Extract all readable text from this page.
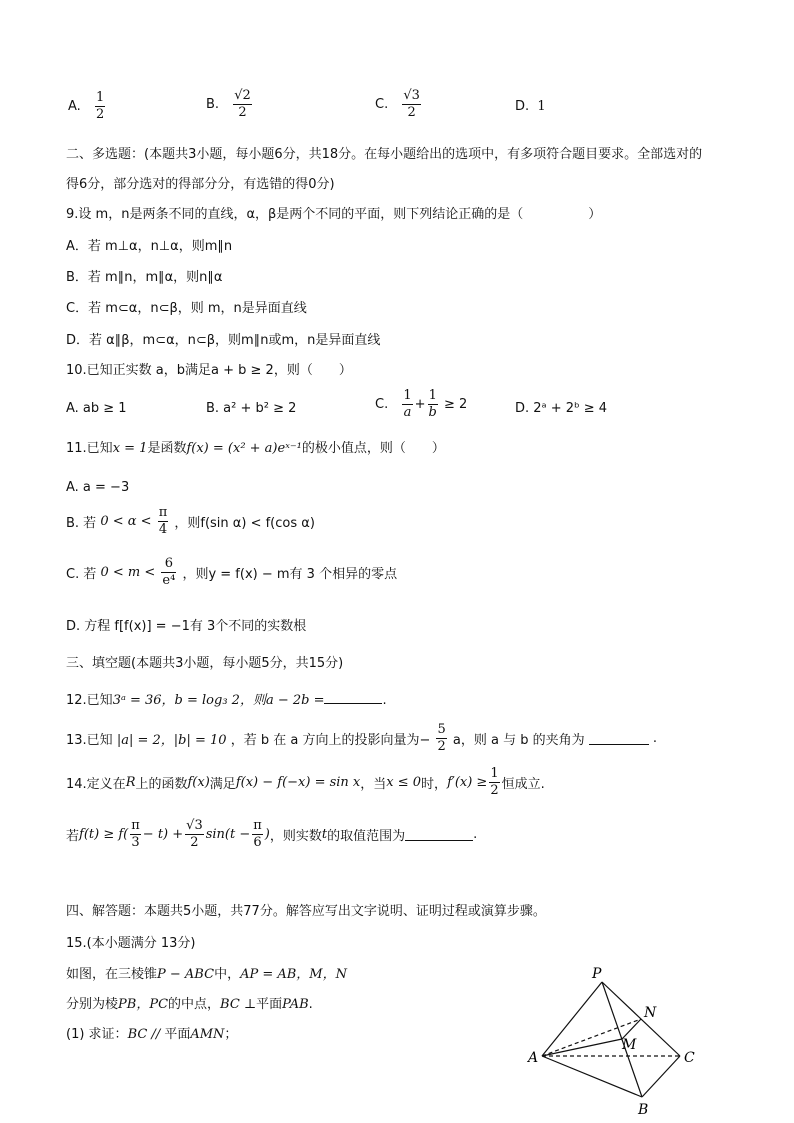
A. $\frac{1}{2}$	B. $\frac{√2}{2}$	C. $\frac{√3}{2}$	D. 1
二、多选题：(本题共3小题，每小题6分，共18分。在每小题给出的选项中，有多项符合题目要求。全部选对的
得6分，部分选对的得部分分，有选错的得0分)
9.设 m，n是两条不同的直线，α，β是两个不同的平面，则下列结论正确的是（　　　　　）
A．若 m⊥α，n⊥α，则m∥n
B．若 m∥n，m∥α，则n∥α
C．若 m⊂α，n⊂β，则 m，n是异面直线
D．若 α∥β，m⊂α，n⊂β，则m∥n或m，n是异面直线
10.已知正实数 a，b满足a + b ≥ 2，则（　　）
A. ab ≥ 1	B. a² + b² ≥ 2	C. $\frac{1}{a} + \frac{1}{b} \ge 2$	D. 2ᵃ + 2ᵇ ≥ 4
11.已知x = 1是函数f(x) = (x² + a)eˣ⁻¹的极小值点，则（　　）
A. a = −3
B. 若 $0 < \alpha < \frac{\pi}{4}$ ，则f(sin α) < f(cos α)
C. 若 $0 < m < \frac{6}{\text{e⁴}}$ ，则y = f(x) − m有 3 个相异的零点
D. 方程 f[f(x)] = −1有 3个不同的实数根
三、填空题(本题共3小题，每小题5分，共15分)
12.已知3ᵃ = 36，b = log₃ 2，则a − 2b =	.
13.已知 |a| = 2，|b| = 10 ，若 b 在 a 方向上的投影向量为− $\frac{5}{2}$ a，则 a 与 b 的夹角为	.
14.定义在R上的函数f(x)满足f(x) − f(−x) = sin x，当x ≤ 0时，$f'(x) \ge \frac{1}{2}$ 恒成立.
若$f(t) \ge f( \frac{\pi}{3} - t) + \frac{√3}{2} \sin(t - \frac{\pi}{6}$ )，则实数t的取值范围为	.
四、解答题：本题共5小题，共77分。解答应写出文字说明、证明过程或演算步骤。
15.(本小题满分 13分)
如图，在三棱锥P − ABC中，AP = AB，M，N
分别为棱PB，PC的中点，BC ⊥平面PAB.
(1) 求证：BC // 平面AMN；
P
A
B
C
M
N
